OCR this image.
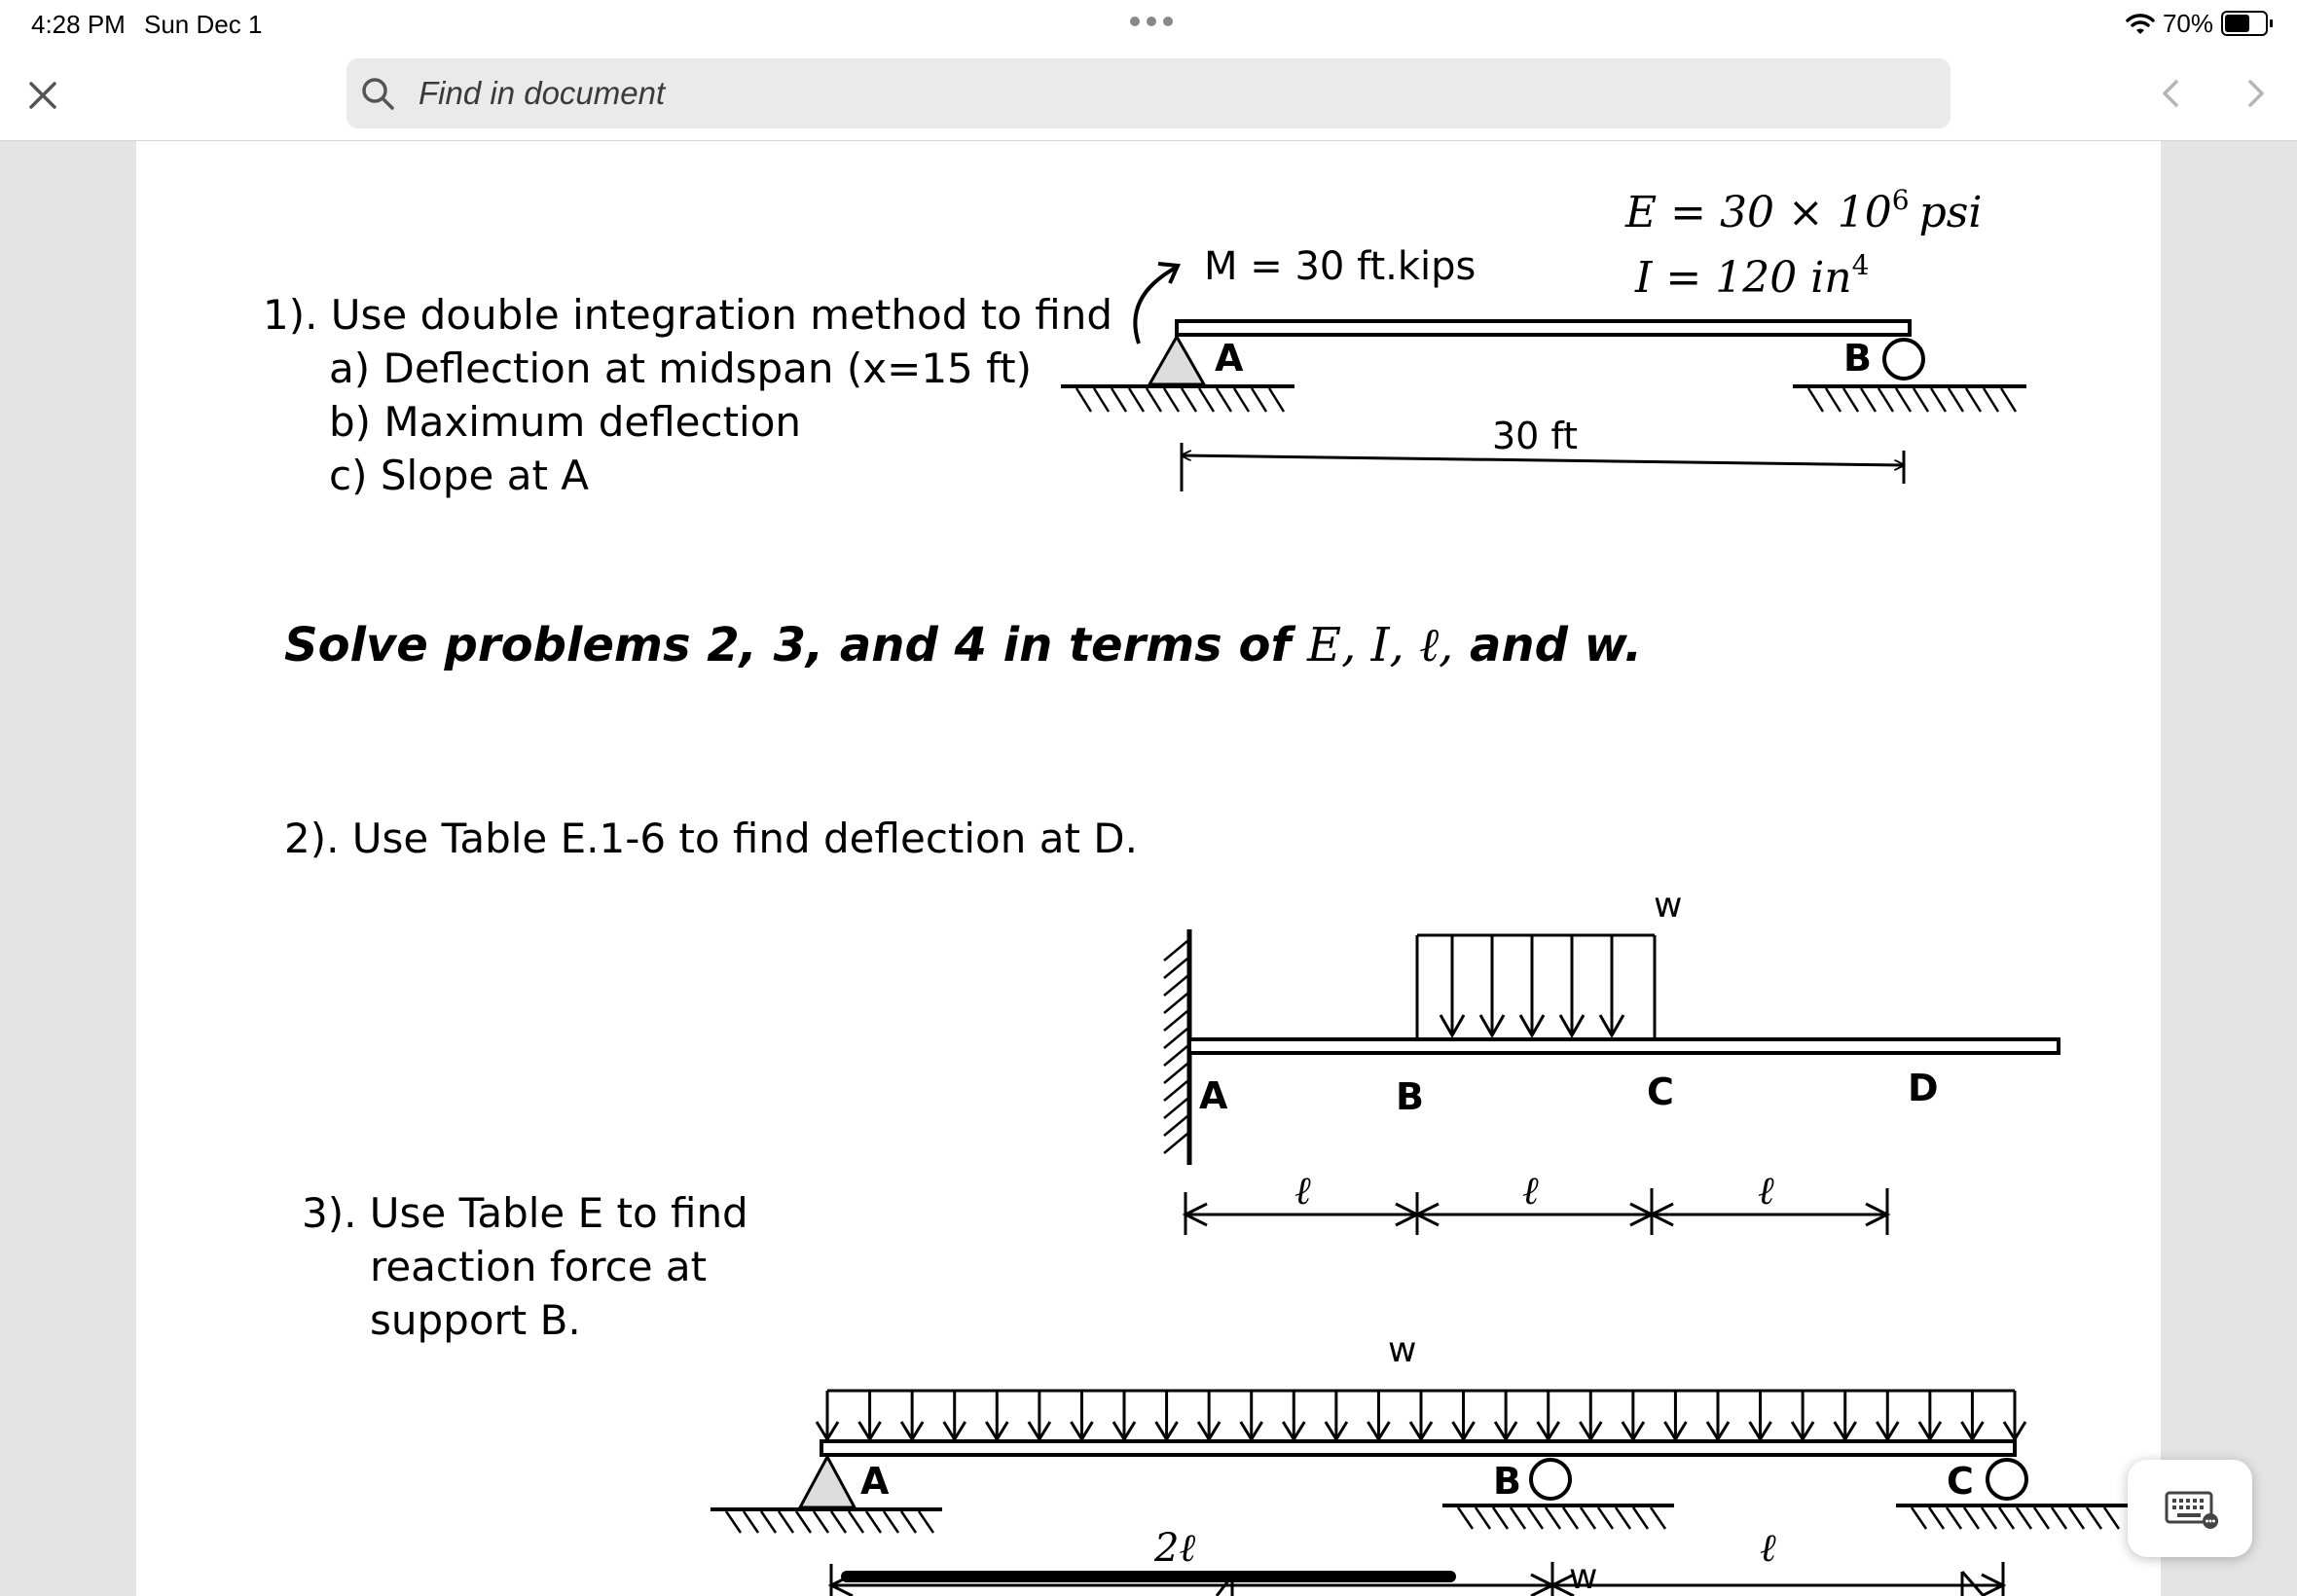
4:28 PM Sun Dec 1	70%
Find in document
1). Use double integration method to find
a) Deflection at midspan (x=15 ft)
b) Maximum deflection
c) Slope at A
M = 30 ft.kips
A	B
$E = 30 \times 10^6$ psi
I = 120 $in^4$
30 ft
Solve problems 2, 3, and 4 in terms of E, I, ℓ, and w.
2). Use Table E.1-6 to find deflection at D.
w
A	B	C	D
ℓ	ℓ	ℓ
3). Use Table E to find
reaction force at
support B.
w
A	B	C
2ℓ	ℓ
w
